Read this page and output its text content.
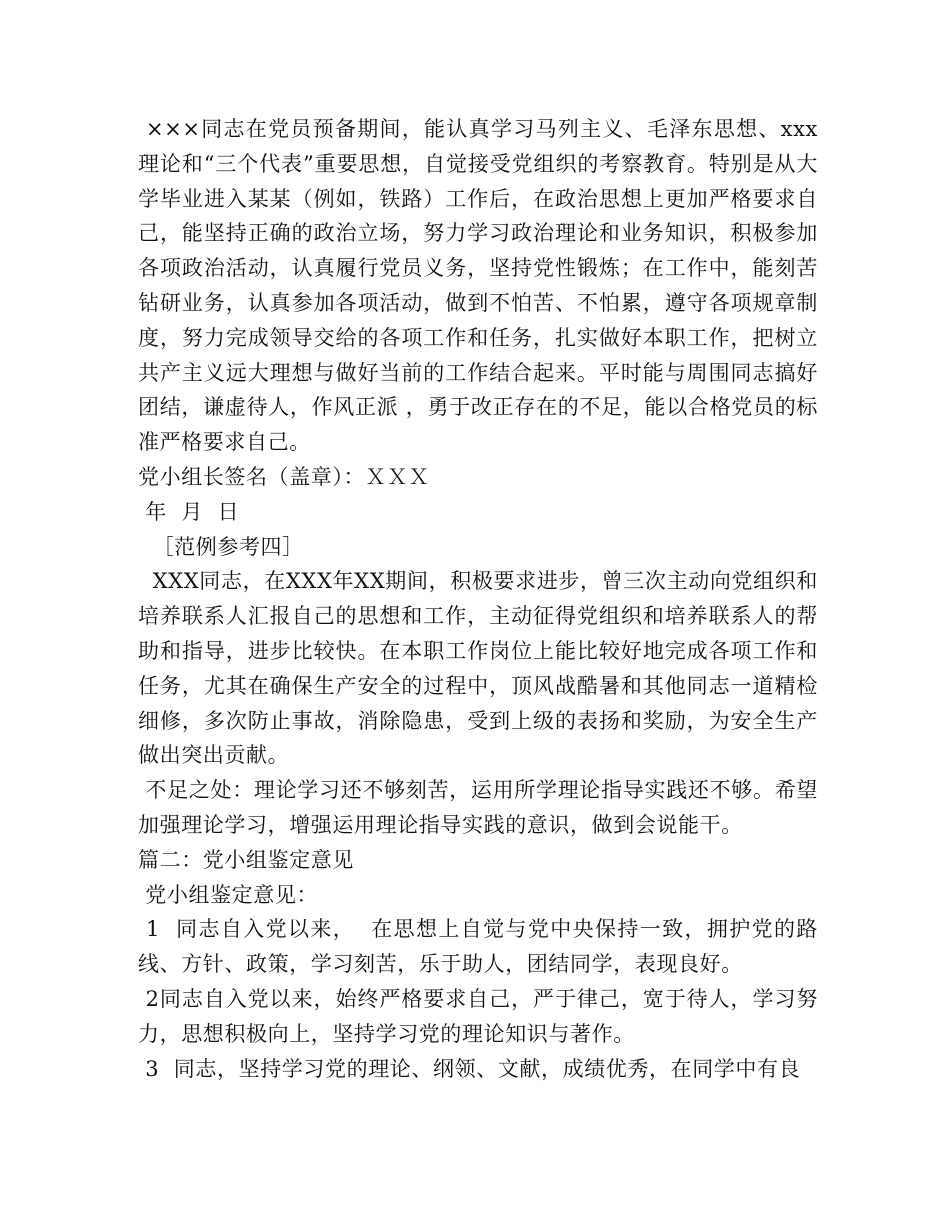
×××同志在党员预备期间，能认真学习马列主义、毛泽东思想、xxx理论和“三个代表”重要思想，自觉接受党组织的考察教育。特别是从大学毕业进入某某（例如，铁路）工作后，在政治思想上更加严格要求自己，能坚持正确的政治立场，努力学习政治理论和业务知识，积极参加各项政治活动，认真履行党员义务，坚持党性锻炼；在工作中，能刻苦钻研业务，认真参加各项活动，做到不怕苦、不怕累，遵守各项规章制度，努力完成领导交给的各项工作和任务，扎实做好本职工作，把树立共产主义远大理想与做好当前的工作结合起来。平时能与周围同志搞好团结，谦虚待人，作风正派 ，勇于改正存在的不足，能以合格党员的标准严格要求自己。

党小组长签名（盖章）：ＸＸＸ

年  月  日

［范例参考四］

XXX同志，在XXX年XX期间，积极要求进步，曾三次主动向党组织和培养联系人汇报自己的思想和工作，主动征得党组织和培养联系人的帮助和指导，进步比较快。在本职工作岗位上能比较好地完成各项工作和任务，尤其在确保生产安全的过程中，顶风战酷暑和其他同志一道精检细修，多次防止事故，消除隐患，受到上级的表扬和奖励，为安全生产做出突出贡献。

不足之处：理论学习还不够刻苦，运用所学理论指导实践还不够。希望加强理论学习，增强运用理论指导实践的意识，做到会说能干。

篇二：党小组鉴定意见

党小组鉴定意见：

1  同志自入党以来，  在思想上自觉与党中央保持一致，拥护党的路线、方针、政策，学习刻苦，乐于助人，团结同学，表现良好。

2同志自入党以来，始终严格要求自己，严于律己，宽于待人，学习努力，思想积极向上，坚持学习党的理论知识与著作。

3  同志，坚持学习党的理论、纲领、文献，成绩优秀，在同学中有良
